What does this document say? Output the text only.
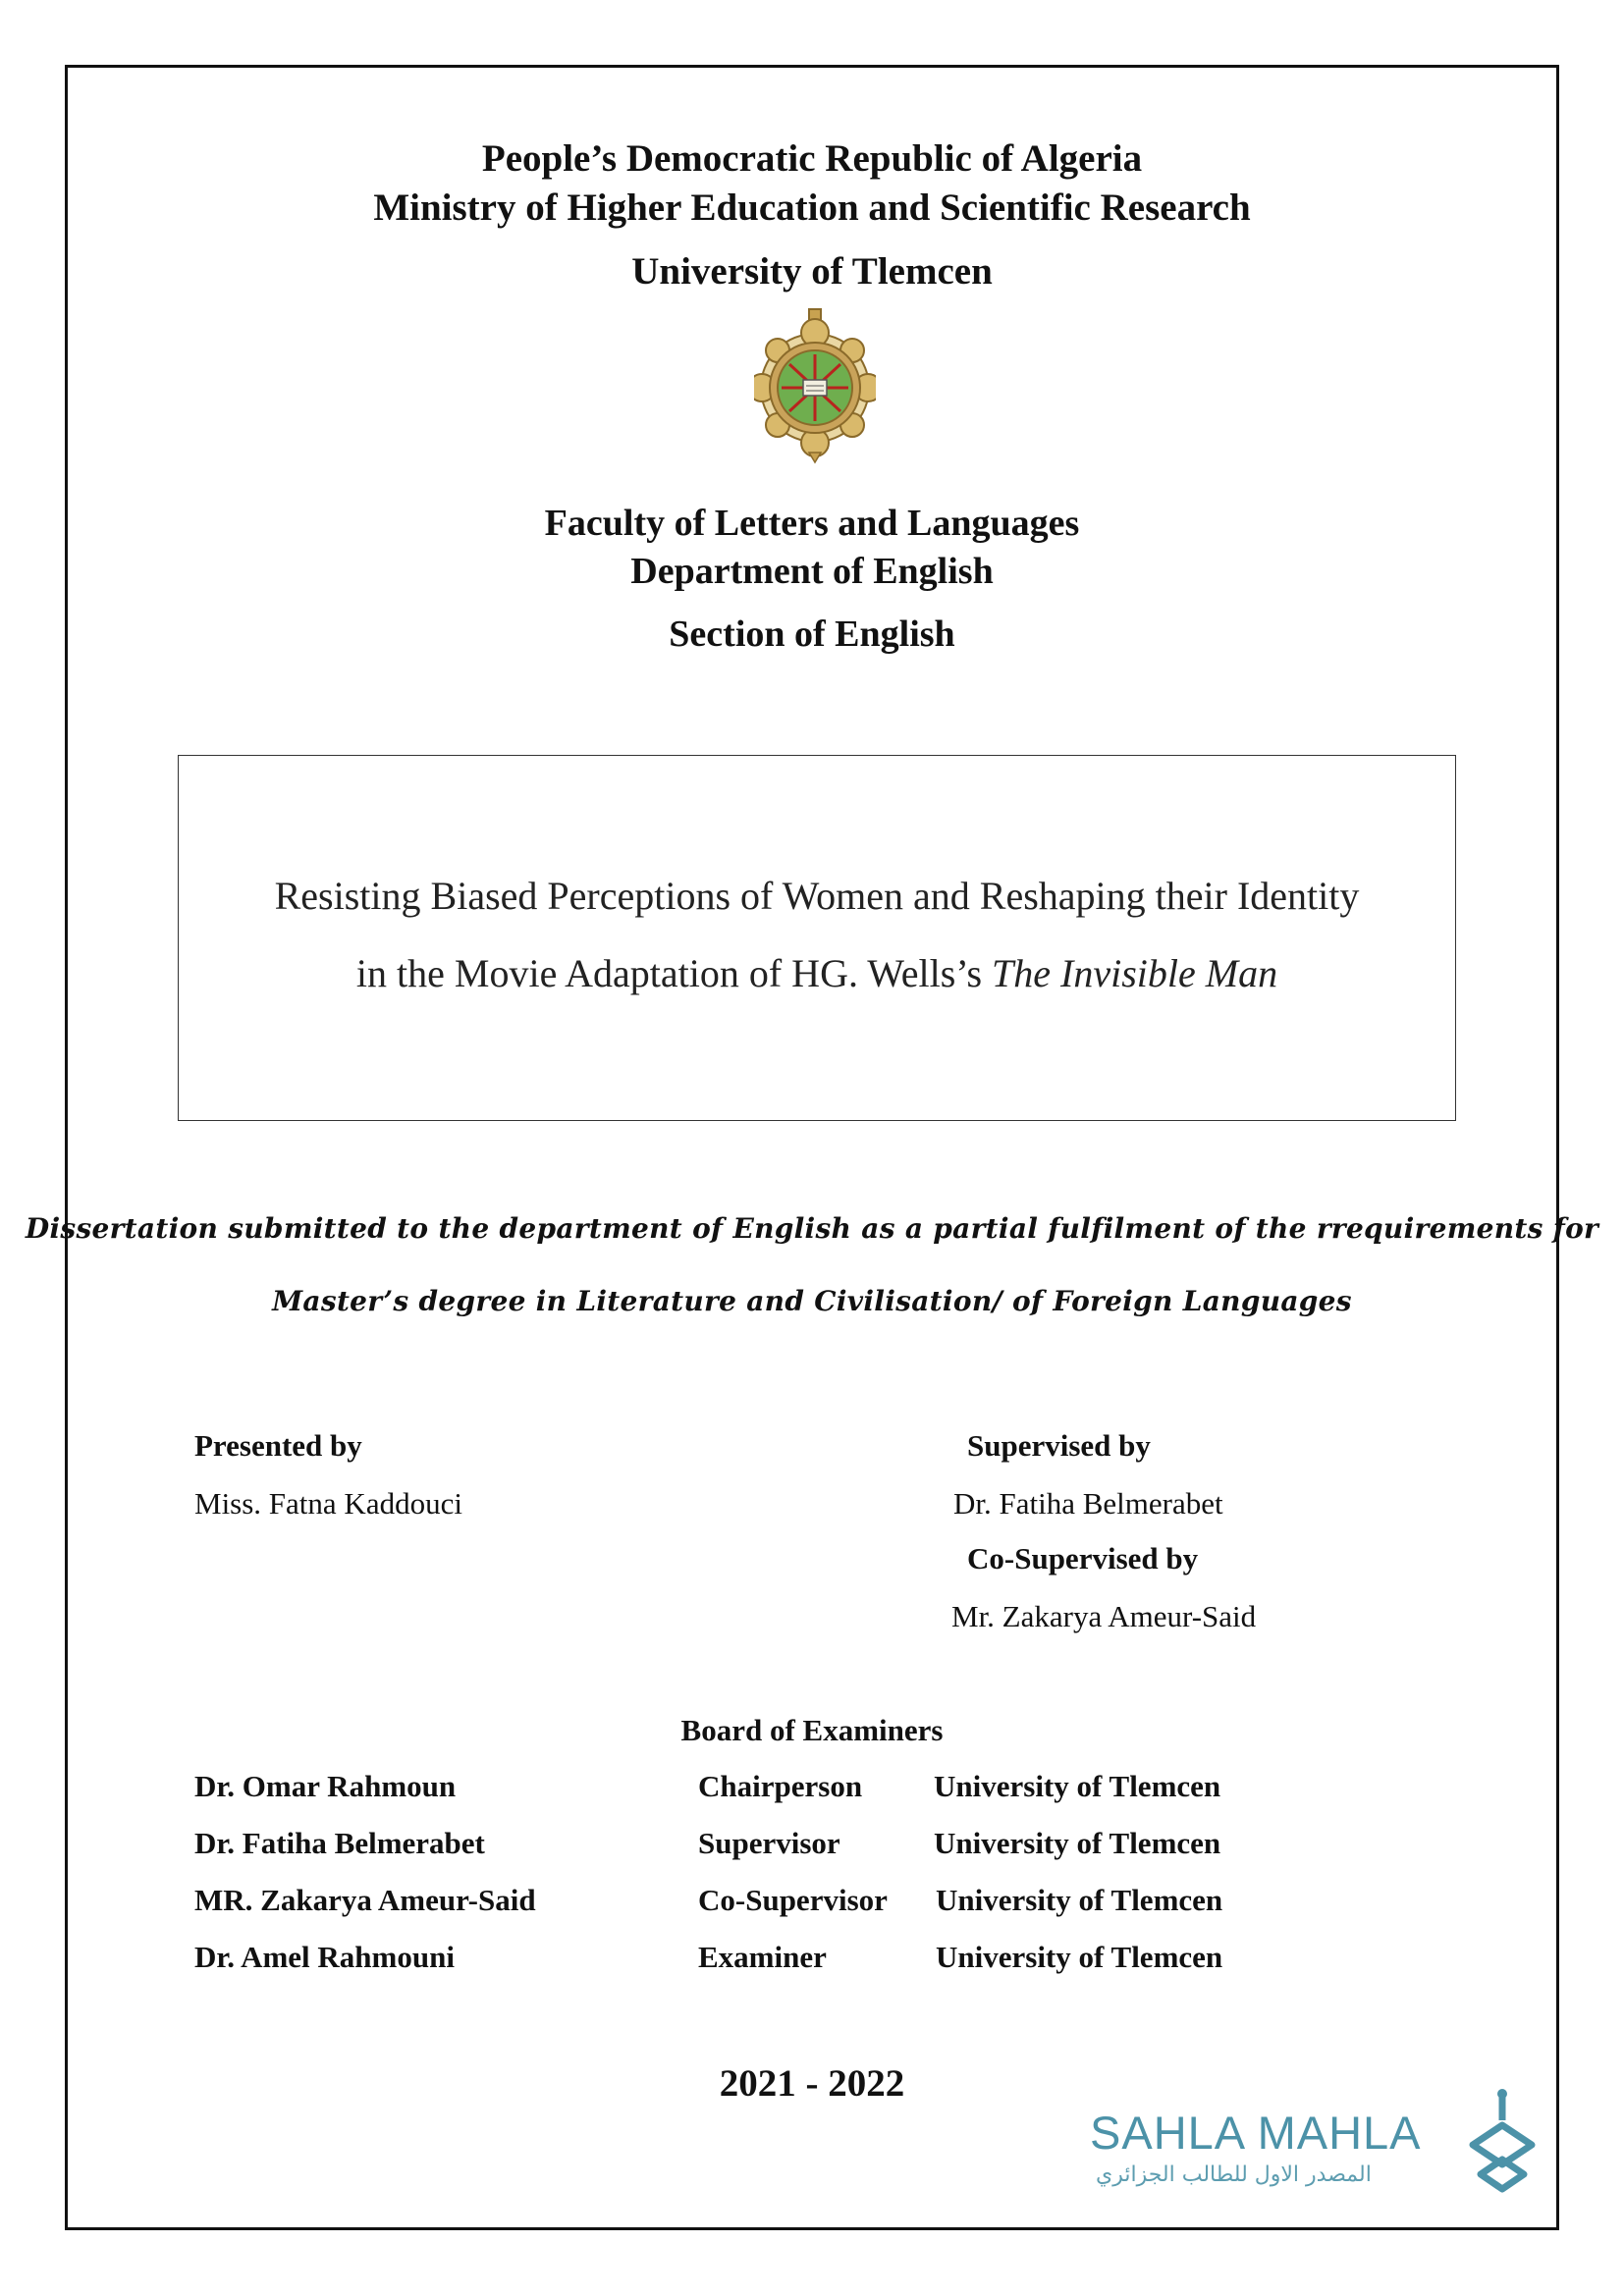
People’s Democratic Republic of Algeria
Ministry of Higher Education and Scientific Research
University of Tlemcen
Faculty of Letters and Languages
Department of English
Section of English
Resisting Biased Perceptions of Women and Reshaping their Identity
in the Movie Adaptation of HG. Wells’s The Invisible Man
Dissertation submitted to the department of English as a partial fulfilment of the rrequirements for
Master’s degree in Literature and Civilisation/ of Foreign Languages
Presented by
Miss. Fatna Kaddouci
Supervised by
Dr. Fatiha Belmerabet
Co-Supervised by
Mr. Zakarya Ameur-Said
Board of Examiners
Dr. Omar Rahmoun	Chairperson University of Tlemcen
Dr. Fatiha Belmerabet	Supervisor	University of Tlemcen
MR. Zakarya Ameur-Said	Co-Supervisor University of Tlemcen
Dr. Amel Rahmouni	Examiner	University of Tlemcen
2021 - 2022
SAHLA MAHLA
المصدر الاول للطالب الجزائري
